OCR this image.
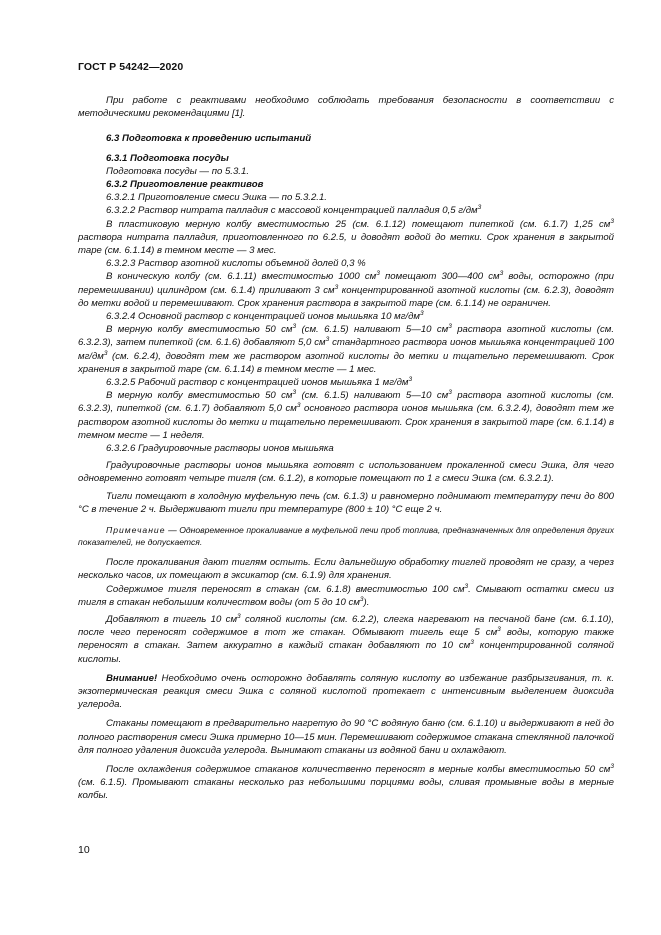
ГОСТ Р 54242—2020

При работе с реактивами необходимо соблюдать требования безопасности в соответствии с методическими рекомендациями [1].

6.3 Подготовка к проведению испытаний

6.3.1 Подготовка посуды

Подготовка посуды — по 5.3.1.

6.3.2 Приготовление реактивов

6.3.2.1 Приготовление смеси Эшка — по 5.3.2.1.

6.3.2.2 Раствор нитрата палладия с массовой концентрацией палладия 0,5 $г/дм^3$

В пластиковую мерную колбу вместимостью 25 (см. 6.1.12) помещают пипеткой (см. 6.1.7) 1,25 $см^3$ раствора нитрата палладия, приготовленного по 6.2.5, и доводят водой до метки. Срок хранения в закрытой таре (см. 6.1.14) в темном месте — 3 мес.

6.3.2.3 Раствор азотной кислоты объемной долей 0,3 %

В коническую колбу (см. 6.1.11) вместимостью 1000 $см^3$ помещают 300—400 $см^3$ воды, осторожно (при перемешивании) цилиндром (см. 6.1.4) приливают 3 $см^3$ концентрированной азотной кислоты (см. 6.2.3), доводят до метки водой и перемешивают. Срок хранения раствора в закрытой таре (см. 6.1.14) не ограничен.

6.3.2.4 Основной раствор с концентрацией ионов мышьяка 10 $мг/дм^3$

В мерную колбу вместимостью 50 $см^3$ (см. 6.1.5) наливают 5—10 $см^3$ раствора азотной кислоты (см. 6.3.2.3), затем пипеткой (см. 6.1.6) добавляют 5,0 $см^3$ стандартного раствора ионов мышьяка концентрацией 100 $мг/дм^3$ (см. 6.2.4), доводят тем же раствором азотной кислоты до метки и тщательно перемешивают. Срок хранения в закрытой таре (см. 6.1.14) в темном месте — 1 мес.

6.3.2.5 Рабочий раствор с концентрацией ионов мышьяка 1 $мг/дм^3$

В мерную колбу вместимостью 50 $см^3$ (см. 6.1.5) наливают 5—10 $см^3$ раствора азотной кислоты (см. 6.3.2.3), пипеткой (см. 6.1.7) добавляют 5,0 $см^3$ основного раствора ионов мышьяка (см. 6.3.2.4), доводят тем же раствором азотной кислоты до метки и тщательно перемешивают. Срок хранения в закрытой таре (см. 6.1.14) в темном месте — 1 неделя.

6.3.2.6 Градуировочные растворы ионов мышьяка

Градуировочные растворы ионов мышьяка готовят с использованием прокаленной смеси Эшка, для чего одновременно готовят четыре тигля (см. 6.1.2), в которые помещают по 1 г смеси Эшка (см. 6.3.2.1).

Тигли помещают в холодную муфельную печь (см. 6.1.3) и равномерно поднимают температуру печи до 800 °С в течение 2 ч. Выдерживают тигли при температуре (800 ± 10) °С еще 2 ч.

Примечание — Одновременное прокаливание в муфельной печи проб топлива, предназначенных для определения других показателей, не допускается.

После прокаливания дают тиглям остыть. Если дальнейшую обработку тиглей проводят не сразу, а через несколько часов, их помещают в эксикатор (см. 6.1.9) для хранения.

Содержимое тигля переносят в стакан (см. 6.1.8) вместимостью 100 $см^3$. Смывают остатки смеси из тигля в стакан небольшим количеством воды (от 5 до 10 $см^3$).

Добавляют в тигель 10 $см^3$ соляной кислоты (см. 6.2.2), слегка нагревают на песчаной бане (см. 6.1.10), после чего переносят содержимое в тот же стакан. Обмывают тигель еще 5 $см^3$ воды, которую также переносят в стакан. Затем аккуратно в каждый стакан добавляют по 10 $см^3$ концентрированной соляной кислоты.

Внимание! Необходимо очень осторожно добавлять соляную кислоту во избежание разбрызгивания, т. к. экзотермическая реакция смеси Эшка с соляной кислотой протекает с интенсивным выделением диоксида углерода.

Стаканы помещают в предварительно нагретую до 90 °С водяную баню (см. 6.1.10) и выдерживают в ней до полного растворения смеси Эшка примерно 10—15 мин. Перемешивают содержимое стакана стеклянной палочкой для полного удаления диоксида углерода. Вынимают стаканы из водяной бани и охлаждают.

После охлаждения содержимое стаканов количественно переносят в мерные колбы вместимостью 50 $см^3$ (см. 6.1.5). Промывают стаканы несколько раз небольшими порциями воды, сливая промывные воды в мерные колбы.

10
